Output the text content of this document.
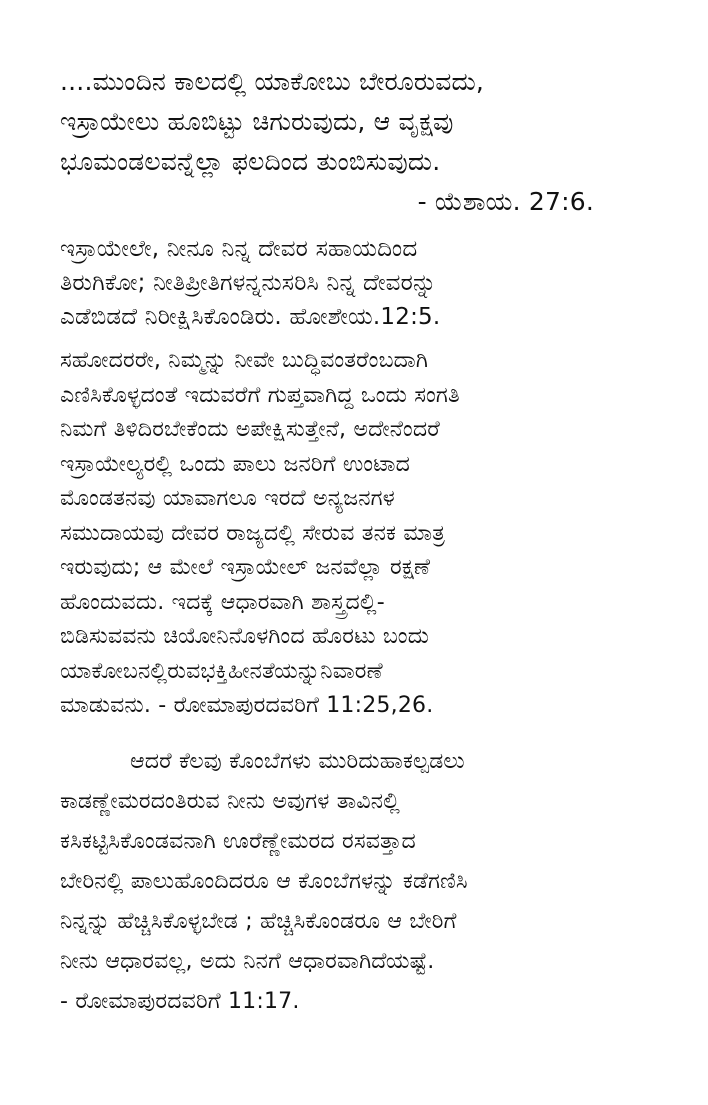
....ಮುಂದಿನ ಕಾಲದಲ್ಲಿ ಯಾಕೋಬು ಬೇರೂರುವದು,
ಇಸ್ರಾಯೇಲು ಹೂಬಿಟ್ಟು ಚಿಗುರುವುದು, ಆ ವೃಕ್ಷವು
ಭೂಮಂಡಲವನ್ನೆಲ್ಲಾ ಫಲದಿಂದ ತುಂಬಿಸುವುದು.
- ಯೆಶಾಯ. 27:6.
ಇಸ್ರಾಯೇಲೇ, ನೀನೂ ನಿನ್ನ ದೇವರ ಸಹಾಯದಿಂದ
ತಿರುಗಿಕೋ; ನೀತಿಪ್ರೀತಿಗಳನ್ನನುಸರಿಸಿ ನಿನ್ನ ದೇವರನ್ನು
ಎಡೆಬಿಡದೆ ನಿರೀಕ್ಷಿಸಿಕೊಂಡಿರು. ಹೋಶೇಯ.12:5.
ಸಹೋದರರೇ, ನಿಮ್ಮನ್ನು ನೀವೇ ಬುದ್ಧಿವಂತರೆಂಬದಾಗಿ
ಎಣಿಸಿಕೊಳ್ಳದಂತೆ ಇದುವರೆಗೆ ಗುಪ್ತವಾಗಿದ್ದ ಒಂದು ಸಂಗತಿ
ನಿಮಗೆ ತಿಳಿದಿರಬೇಕೆಂದು ಅಪೇಕ್ಷಿಸುತ್ತೇನೆ, ಅದೇನೆಂದರೆ
ಇಸ್ರಾಯೇಲ್ಯರಲ್ಲಿ ಒಂದು ಪಾಲು ಜನರಿಗೆ ಉಂಟಾದ
ಮೊಂಡತನವು ಯಾವಾಗಲೂ ಇರದೆ ಅನ್ಯಜನಗಳ
ಸಮುದಾಯವು ದೇವರ ರಾಜ್ಯದಲ್ಲಿ ಸೇರುವ ತನಕ ಮಾತ್ರ
ಇರುವುದು; ಆ ಮೇಲೆ ಇಸ್ರಾಯೇಲ್ ಜನವೆಲ್ಲಾ ರಕ್ಷಣೆ
ಹೊಂದುವದು. ಇದಕ್ಕೆ ಆಧಾರವಾಗಿ ಶಾಸ್ತ್ರದಲ್ಲಿ-
ಬಿಡಿಸುವವನು ಚಿಯೋನಿನೊಳಗಿಂದ ಹೊರಟು ಬಂದು
ಯಾಕೋಬನಲ್ಲಿರುವಭಕ್ತಿಹೀನತೆಯನ್ನುನಿವಾರಣೆ
ಮಾಡುವನು. - ರೋಮಾಪುರದವರಿಗೆ 11:25,26.
ಆದರೆ ಕೆಲವು ಕೊಂಬೆಗಳು ಮುರಿದುಹಾಕಲ್ಪಡಲು
ಕಾಡಣ್ಣೇಮರದಂತಿರುವ ನೀನು ಅವುಗಳ ತಾವಿನಲ್ಲಿ
ಕಸಿಕಟ್ಟಿಸಿಕೊಂಡವನಾಗಿ ಊರೆಣ್ಣೇಮರದ ರಸವತ್ತಾದ
ಬೇರಿನಲ್ಲಿ ಪಾಲುಹೊಂದಿದರೂ ಆ ಕೊಂಬೆಗಳನ್ನು ಕಡೆಗಣಿಸಿ
ನಿನ್ನನ್ನು ಹೆಚ್ಚಿಸಿಕೊಳ್ಳಬೇಡ ; ಹೆಚ್ಚಿಸಿಕೊಂಡರೂ ಆ ಬೇರಿಗೆ
ನೀನು ಆಧಾರವಲ್ಲ, ಅದು ನಿನಗೆ ಆಧಾರವಾಗಿದೆಯಷ್ಟೆ.
- ರೋಮಾಪುರದವರಿಗೆ 11:17.
